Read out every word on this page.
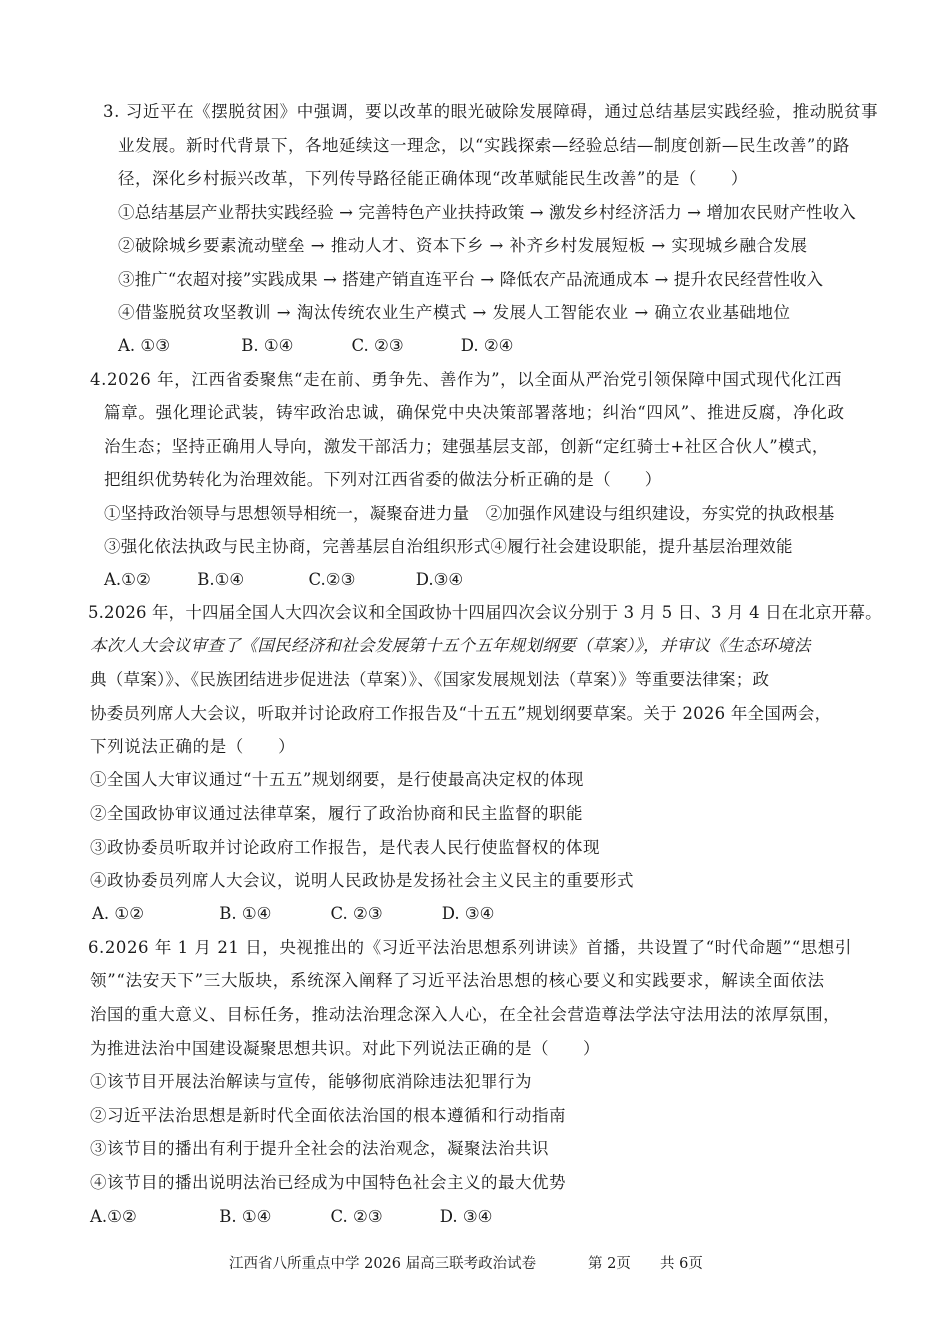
3. 习近平在《摆脱贫困》中强调，要以改革的眼光破除发展障碍，通过总结基层实践经验，推动脱贫事
业发展。新时代背景下，各地延续这一理念，以“实践探索—经验总结—制度创新—民生改善”的路
径，深化乡村振兴改革，下列传导路径能正确体现“改革赋能民生改善”的是（　　）
①总结基层产业帮扶实践经验 → 完善特色产业扶持政策 → 激发乡村经济活力 → 增加农民财产性收入
②破除城乡要素流动壁垒 → 推动人才、资本下乡 → 补齐乡村发展短板 → 实现城乡融合发展
③推广“农超对接”实践成果 → 搭建产销直连平台 → 降低农产品流通成本 → 提升农民经营性收入
④借鉴脱贫攻坚教训 → 淘汰传统农业生产模式 → 发展人工智能农业 → 确立农业基础地位
A. ①③	B. ①④	C. ②③	D. ②④
4.2026 年，江西省委聚焦“走在前、勇争先、善作为”，以全面从严治党引领保障中国式现代化江西
篇章。强化理论武装，铸牢政治忠诚，确保党中央决策部署落地；纠治“四风”、推进反腐，净化政
治生态；坚持正确用人导向，激发干部活力；建强基层支部，创新“定红骑士+社区合伙人”模式，
把组织优势转化为治理效能。下列对江西省委的做法分析正确的是（　　）
①坚持政治领导与思想领导相统一，凝聚奋进力量　②加强作风建设与组织建设，夯实党的执政根基
③强化依法执政与民主协商，完善基层自治组织形式④履行社会建设职能，提升基层治理效能
A.①②	B.①④	C.②③	D.③④
5.2026 年，十四届全国人大四次会议和全国政协十四届四次会议分别于 3 月 5 日、3 月 4 日在北京开幕。
本次人大会议审查了《国民经济和社会发展第十五个五年规划纲要（草案）》，并审议《生态环境法
典（草案）》、《民族团结进步促进法（草案）》、《国家发展规划法（草案）》等重要法律案；政
协委员列席人大会议，听取并讨论政府工作报告及“十五五”规划纲要草案。关于 2026 年全国两会，
下列说法正确的是（　　）
①全国人大审议通过“十五五”规划纲要，是行使最高决定权的体现
②全国政协审议通过法律草案，履行了政治协商和民主监督的职能
③政协委员听取并讨论政府工作报告，是代表人民行使监督权的体现
④政协委员列席人大会议，说明人民政协是发扬社会主义民主的重要形式
A. ①②	B. ①④	C. ②③	D. ③④
6.2026 年 1 月 21 日，央视推出的《习近平法治思想系列讲读》首播，共设置了“时代命题”“思想引
领”“法安天下”三大版块，系统深入阐释了习近平法治思想的核心要义和实践要求，解读全面依法
治国的重大意义、目标任务，推动法治理念深入人心，在全社会营造尊法学法守法用法的浓厚氛围，
为推进法治中国建设凝聚思想共识。对此下列说法正确的是（　　）
①该节目开展法治解读与宣传，能够彻底消除违法犯罪行为
②习近平法治思想是新时代全面依法治国的根本遵循和行动指南
③该节目的播出有利于提升全社会的法治观念，凝聚法治共识
④该节目的播出说明法治已经成为中国特色社会主义的最大优势
A.①②	B. ①④	C. ②③	D. ③④
江西省八所重点中学 2026 届高三联考政治试卷	第 2页 共 6页
